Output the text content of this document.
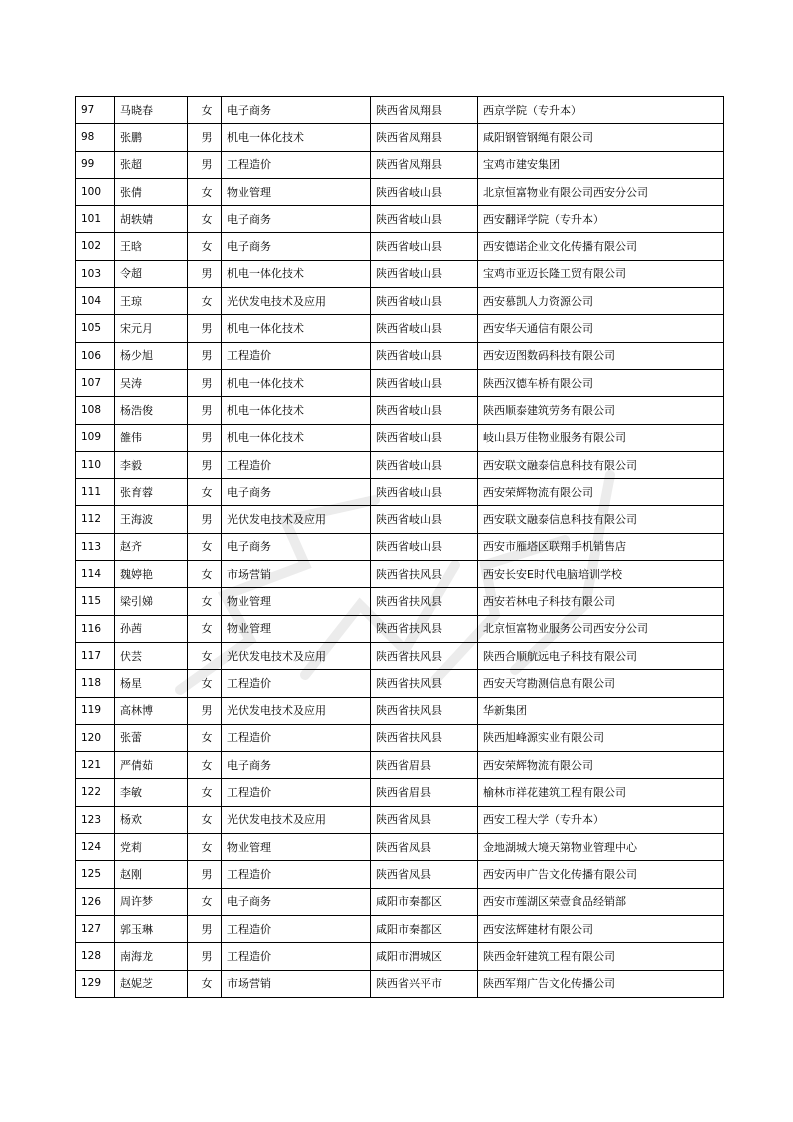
97	马晓春	女	电子商务	陕西省凤翔县	西京学院（专升本）
98	张鹏	男	机电一体化技术	陕西省凤翔县	咸阳钢管钢绳有限公司
99	张超	男	工程造价	陕西省凤翔县	宝鸡市建安集团
100	张倩	女	物业管理	陕西省岐山县	北京恒富物业有限公司西安分公司
101	胡轶婧	女	电子商务	陕西省岐山县	西安翻译学院（专升本）
102	王晗	女	电子商务	陕西省岐山县	西安德诺企业文化传播有限公司
103	令超	男	机电一体化技术	陕西省岐山县	宝鸡市亚迈长隆工贸有限公司
104	王琼	女	光伏发电技术及应用	陕西省岐山县	西安慕凯人力资源公司
105	宋元月	男	机电一体化技术	陕西省岐山县	西安华天通信有限公司
106	杨少旭	男	工程造价	陕西省岐山县	西安迈图数码科技有限公司
107	吴涛	男	机电一体化技术	陕西省岐山县	陕西汉德车桥有限公司
108	杨浩俊	男	机电一体化技术	陕西省岐山县	陕西顺泰建筑劳务有限公司
109	雒伟	男	机电一体化技术	陕西省岐山县	岐山县万佳物业服务有限公司
110	李毅	男	工程造价	陕西省岐山县	西安联文融泰信息科技有限公司
111	张育蓉	女	电子商务	陕西省岐山县	西安荣辉物流有限公司
112	王海波	男	光伏发电技术及应用	陕西省岐山县	西安联文融泰信息科技有限公司
113	赵齐	女	电子商务	陕西省岐山县	西安市雁塔区联翔手机销售店
114	魏婷艳	女	市场营销	陕西省扶风县	西安长安E时代电脑培训学校
115	梁引娣	女	物业管理	陕西省扶风县	西安若林电子科技有限公司
116	孙茜	女	物业管理	陕西省扶风县	北京恒富物业服务公司西安分公司
117	伏芸	女	光伏发电技术及应用	陕西省扶风县	陕西合顺航远电子科技有限公司
118	杨星	女	工程造价	陕西省扶风县	西安天穹勘测信息有限公司
119	高林博	男	光伏发电技术及应用	陕西省扶风县	华新集团
120	张蕾	女	工程造价	陕西省扶风县	陕西旭峰源实业有限公司
121	严倩茹	女	电子商务	陕西省眉县	西安荣辉物流有限公司
122	李敏	女	工程造价	陕西省眉县	榆林市祥花建筑工程有限公司
123	杨欢	女	光伏发电技术及应用	陕西省凤县	西安工程大学（专升本）
124	党莉	女	物业管理	陕西省凤县	金地湖城大境天第物业管理中心
125	赵刚	男	工程造价	陕西省凤县	西安丙申广告文化传播有限公司
126	周许梦	女	电子商务	咸阳市秦都区	西安市莲湖区荣壹食品经销部
127	郭玉琳	男	工程造价	咸阳市秦都区	西安泫辉建材有限公司
128	南海龙	男	工程造价	咸阳市渭城区	陕西金轩建筑工程有限公司
129	赵妮芝	女	市场营销	陕西省兴平市	陕西军翔广告文化传播公司
